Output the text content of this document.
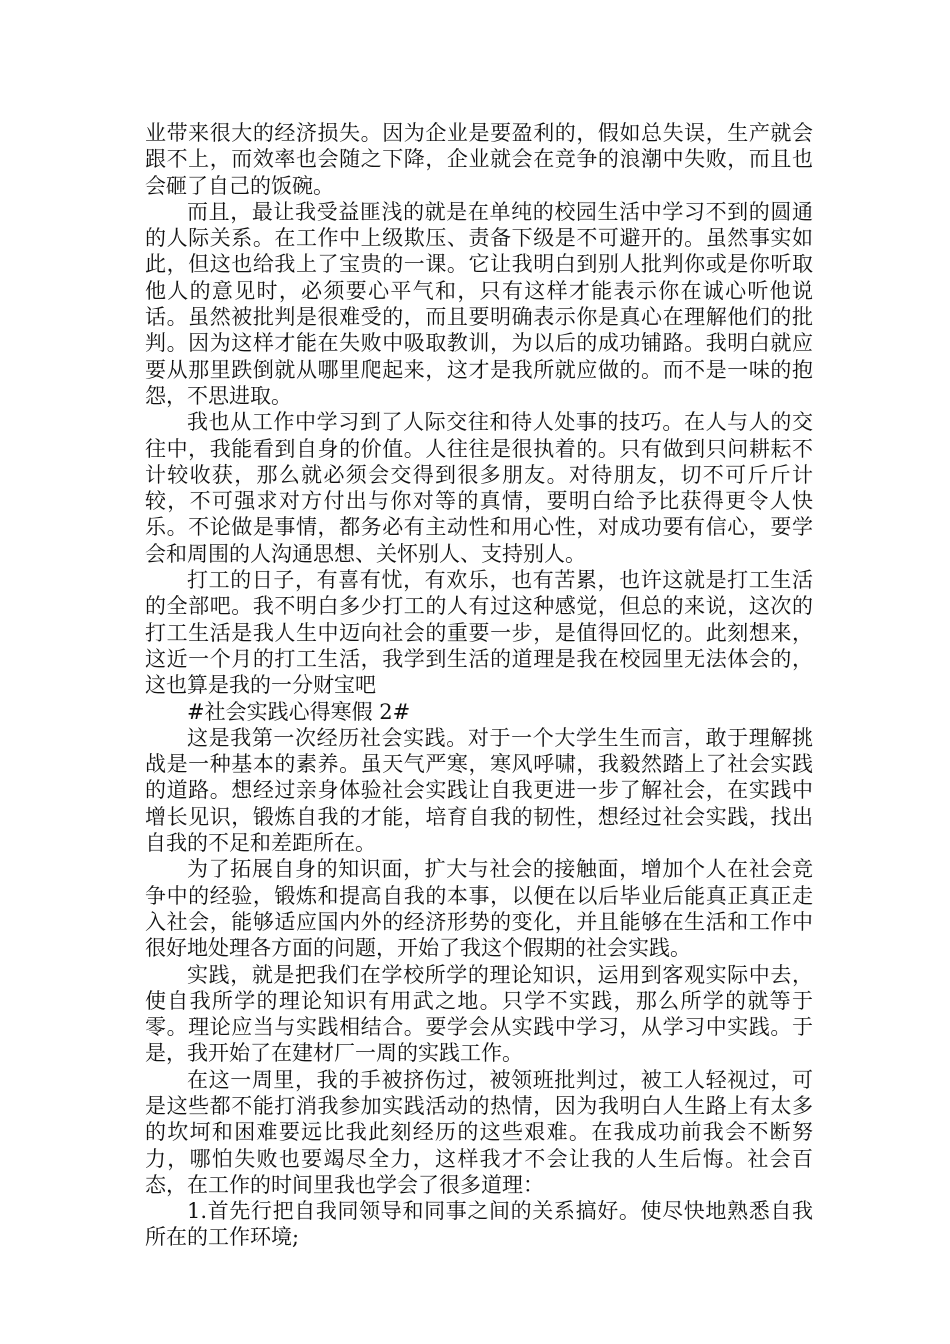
业带来很大的经济损失。因为企业是要盈利的，假如总失误，生产就会跟不上，而效率也会随之下降，企业就会在竞争的浪潮中失败，而且也会砸了自己的饭碗。

而且，最让我受益匪浅的就是在单纯的校园生活中学习不到的圆通的人际关系。在工作中上级欺压、责备下级是不可避开的。虽然事实如此，但这也给我上了宝贵的一课。它让我明白到别人批判你或是你听取他人的意见时，必须要心平气和，只有这样才能表示你在诚心听他说话。虽然被批判是很难受的，而且要明确表示你是真心在理解他们的批判。因为这样才能在失败中吸取教训，为以后的成功铺路。我明白就应要从那里跌倒就从哪里爬起来，这才是我所就应做的。而不是一味的抱怨，不思进取。

我也从工作中学习到了人际交往和待人处事的技巧。在人与人的交往中，我能看到自身的价值。人往往是很执着的。只有做到只问耕耘不计较收获，那么就必须会交得到很多朋友。对待朋友，切不可斤斤计较，不可强求对方付出与你对等的真情，要明白给予比获得更令人快乐。不论做是事情，都务必有主动性和用心性，对成功要有信心，要学会和周围的人沟通思想、关怀别人、支持别人。

打工的日子，有喜有忧，有欢乐，也有苦累，也许这就是打工生活的全部吧。我不明白多少打工的人有过这种感觉，但总的来说，这次的打工生活是我人生中迈向社会的重要一步，是值得回忆的。此刻想来，这近一个月的打工生活，我学到生活的道理是我在校园里无法体会的，这也算是我的一分财宝吧

#社会实践心得寒假 2#

这是我第一次经历社会实践。对于一个大学生生而言，敢于理解挑战是一种基本的素养。虽天气严寒，寒风呼啸，我毅然踏上了社会实践的道路。想经过亲身体验社会实践让自我更进一步了解社会，在实践中增长见识，锻炼自我的才能，培育自我的韧性，想经过社会实践，找出自我的不足和差距所在。

为了拓展自身的知识面，扩大与社会的接触面，增加个人在社会竞争中的经验，锻炼和提高自我的本事，以便在以后毕业后能真正真正走入社会，能够适应国内外的经济形势的变化，并且能够在生活和工作中很好地处理各方面的问题，开始了我这个假期的社会实践。

实践，就是把我们在学校所学的理论知识，运用到客观实际中去，使自我所学的理论知识有用武之地。只学不实践，那么所学的就等于零。理论应当与实践相结合。要学会从实践中学习，从学习中实践。于是，我开始了在建材厂一周的实践工作。

在这一周里，我的手被挤伤过，被领班批判过，被工人轻视过，可是这些都不能打消我参加实践活动的热情，因为我明白人生路上有太多的坎坷和困难要远比我此刻经历的这些艰难。在我成功前我会不断努力，哪怕失败也要竭尽全力，这样我才不会让我的人生后悔。社会百态，在工作的时间里我也学会了很多道理：

1.首先行把自我同领导和同事之间的关系搞好。使尽快地熟悉自我所在的工作环境;
